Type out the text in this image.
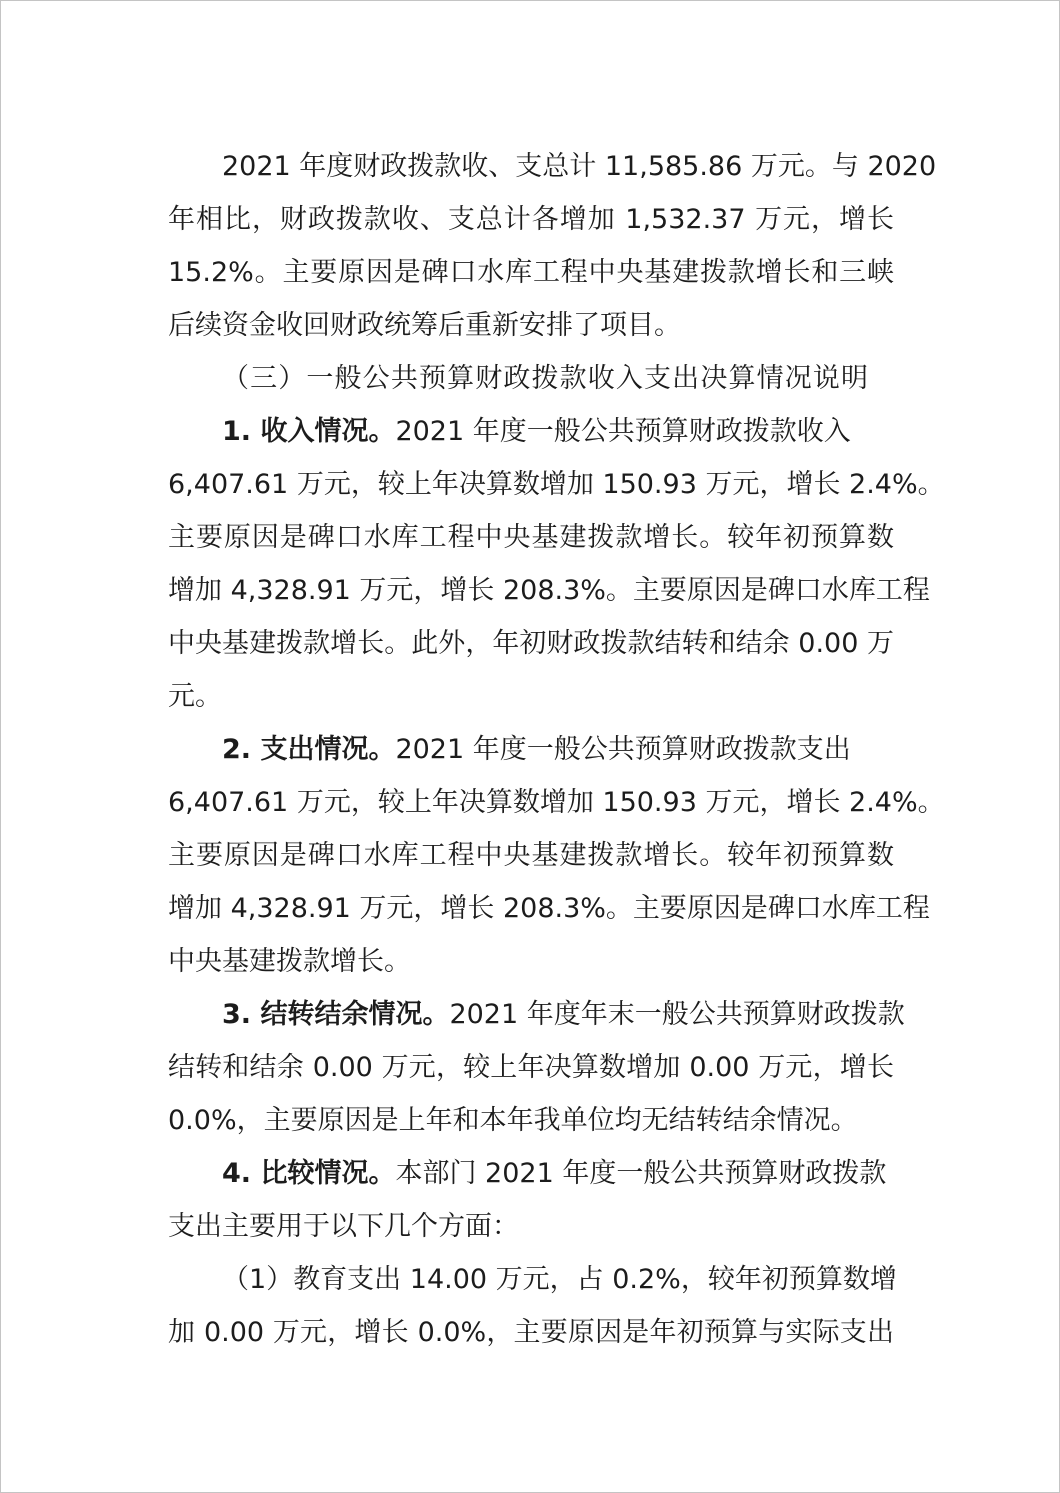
2021 年度财政拨款收、支总计 11,585.86 万元。与 2020
年相比，财政拨款收、支总计各增加 1,532.37 万元，增长
15.2%。主要原因是碑口水库工程中央基建拨款增长和三峡
后续资金收回财政统筹后重新安排了项目。
（三）一般公共预算财政拨款收入支出决算情况说明
1. 收入情况。2021 年度一般公共预算财政拨款收入
6,407.61 万元，较上年决算数增加 150.93 万元，增长 2.4%。
主要原因是碑口水库工程中央基建拨款增长。较年初预算数
增加 4,328.91 万元，增长 208.3%。主要原因是碑口水库工程
中央基建拨款增长。此外，年初财政拨款结转和结余 0.00 万
元。
2. 支出情况。2021 年度一般公共预算财政拨款支出
6,407.61 万元，较上年决算数增加 150.93 万元，增长 2.4%。
主要原因是碑口水库工程中央基建拨款增长。较年初预算数
增加 4,328.91 万元，增长 208.3%。主要原因是碑口水库工程
中央基建拨款增长。
3. 结转结余情况。2021 年度年末一般公共预算财政拨款
结转和结余 0.00 万元，较上年决算数增加 0.00 万元，增长
0.0%，主要原因是上年和本年我单位均无结转结余情况。
4. 比较情况。本部门 2021 年度一般公共预算财政拨款
支出主要用于以下几个方面：
（1）教育支出 14.00 万元，占 0.2%，较年初预算数增
加 0.00 万元，增长 0.0%，主要原因是年初预算与实际支出
